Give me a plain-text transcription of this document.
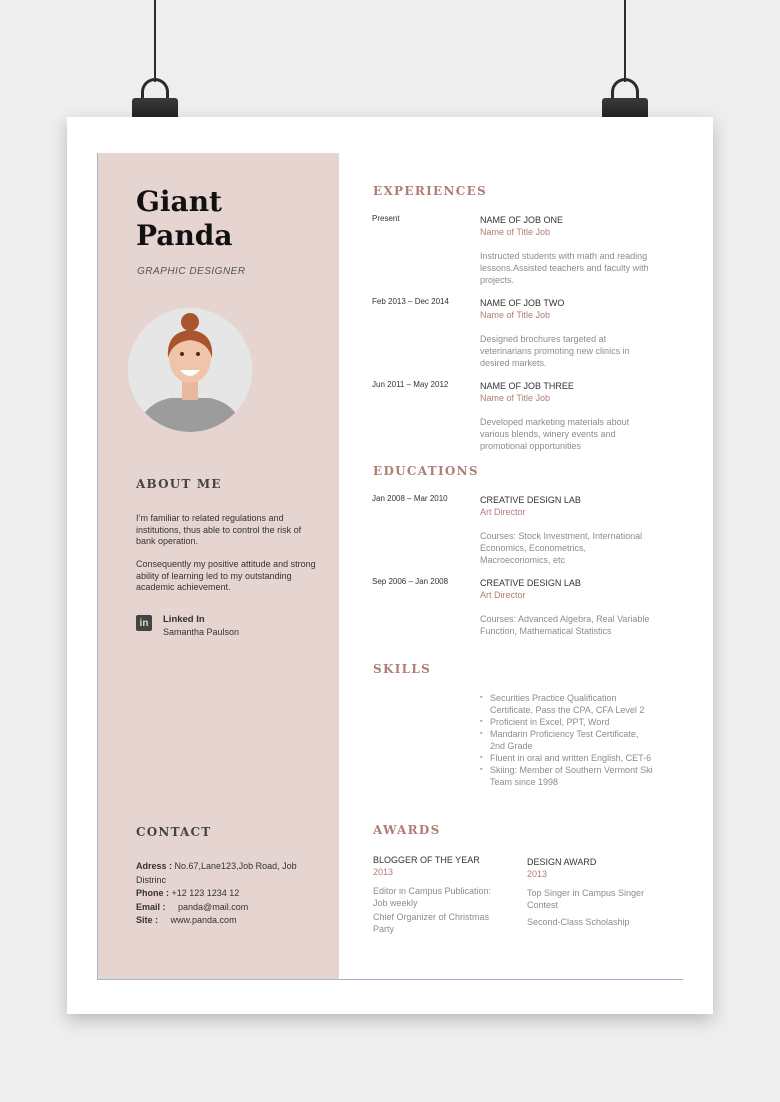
Giant
Panda
GRAPHIC DESIGNER
ABOUT ME
I’m familiar to related regulations and institutions, thus able to control the risk of bank operation.
Consequently my positive attitude and strong ability of learning led to my outstanding academic achievement.
in	Linked In
Samantha Paulson
CONTACT
Adress : No.67,Lane123,Job Road, Job Distrinc
Phone : +12 123 1234 12
Email : panda@mail.com
Site : www.panda.com
EXPERIENCES
Present	NAME OF JOB ONE
Name of Title Job
Instructed students with math and reading lessons.Assisted teachers and faculty with projects.
Feb 2013 – Dec 2014	NAME OF JOB TWO
Name of Title Job
Designed brochures targeted at veterinarians promoting new clinics in desired markets.
Jun 2011 – May 2012	NAME OF JOB THREE
Name of Title Job
Developed marketing materials about various blends, winery events and promotional opportunities
EDUCATIONS
Jan 2008 – Mar 2010	CREATIVE DESIGN LAB
Art Director
Courses: Stock Investment, International Economics, Econometrics, Macroeconomics, etc
Sep 2006 – Jan 2008	CREATIVE DESIGN LAB
Art Director
Courses: Advanced Algebra, Real Variable Function, Mathematical Statistics
SKILLS
▪ Securities Practice Qualification Certificate, Pass the CPA, CFA Level 2
▪ Proficient in Excel, PPT, Word
▪ Mandarin Proficiency Test Certificate, 2nd Grade
▪ Fluent in oral and written English, CET-6
▪ Skiing: Member of Southern Vermont Ski Team since 1998
AWARDS
BLOGGER OF THE YEAR
2013
Editor in Campus Publication: Job weekly
Chief Organizer of Christmas Party
DESIGN AWARD
2013
Top Singer in Campus Singer Contest
Second-Class Scholaship
